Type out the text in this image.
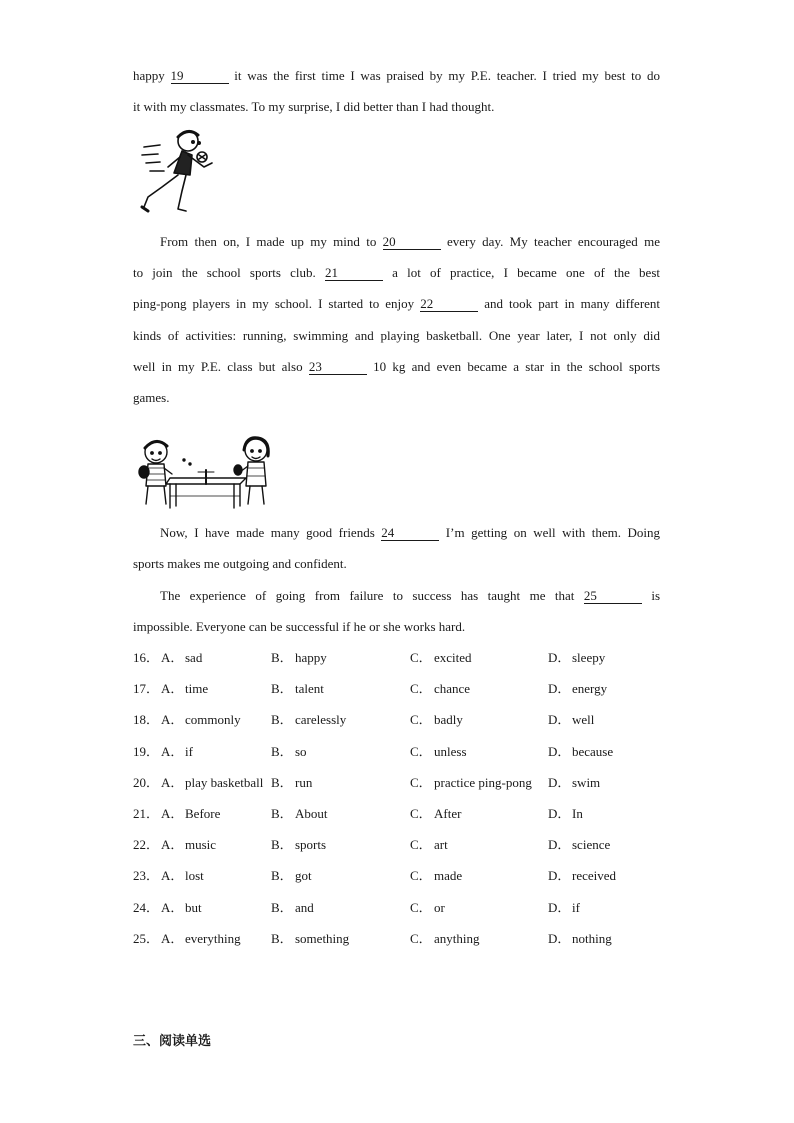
happy 19	it was the first time I was praised by my P.E. teacher. I tried my best to do
it with my classmates. To my surprise, I did better than I had thought.
From then on, I made up my mind to 20	every day. My teacher encouraged me
to join the school sports club. 21	a lot of practice, I became one of the best
ping-pong players in my school. I started to enjoy 22	and took part in many different
kinds of activities: running, swimming and playing basketball. One year later, I not only did
well in my P.E. class but also 23	10 kg and even became a star in the school sports
games.
Now, I have made many good friends 24	I’m getting on well with them. Doing
sports makes me outgoing and confident.
The experience of going from failure to success has taught me that 25	is
impossible. Everyone can be successful if he or she works hard.
16． A． sad	B． happy	C． excited	D． sleepy
17． A． time	B． talent	C． chance	D． energy
18． A． commonly B． carelessly	C． badly	D． well
19． A． if	B． so	C． unless	D． because
20． A． play basketball B． run	C． practice ping-pong D． swim
21． A． Before	B． About	C． After	D． In
22． A． music	B． sports	C． art	D． science
23． A． lost	B． got	C． made	D． received
24． A． but	B． and	C． or	D． if
25． A． everything B． something	C． anything	D． nothing
三、阅读单选
